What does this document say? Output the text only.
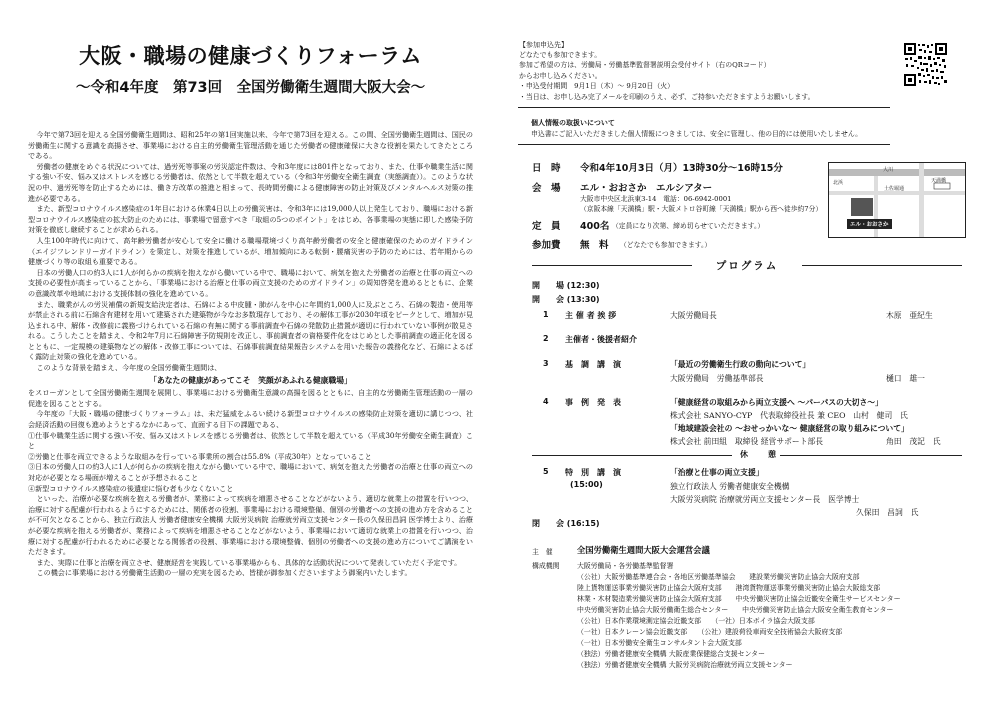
大阪・職場の健康づくりフォーラム
〜令和4年度　第73回　全国労働衛生週間大阪大会〜

今年で第73回を迎える全国労働衛生週間は、昭和25年の第1回実施以来、今年で第73回を迎える。この間、全国労働衛生週間は、国民の労働衛生に関する意識を高揚させ、事業場における自主的労働衛生管理活動を通じた労働者の健康確保に大きな役割を果たしてきたところである。

労働者の健康をめぐる状況については、過労死等事案の労災認定件数は、令和3年度には801件となっており、また、仕事や職業生活に関する強い不安、悩み又はストレスを感じる労働者は、依然として半数を超えている（令和3年労働安全衛生調査（実態調査））。このような状況の中、過労死等を防止するためには、働き方改革の推進と相まって、長時間労働による健康障害の防止対策及びメンタルヘルス対策の推進が必要である。

また、新型コロナウイルス感染症の1年目における休業4日以上の労働災害は、令和3年には19,000人以上発生しており、職場における新型コロナウイルス感染症の拡大防止のためには、事業場で留意すべき「取組の5つのポイント」をはじめ、各事業場の実態に即した感染予防対策を徹底し継続することが求められる。

人生100年時代に向けて、高年齢労働者が安心して安全に働ける職場環境づくり高年齢労働者の安全と健康確保のためのガイドライン（エイジフレンドリーガイドライン）を策定し、対策を推進しているが、増加傾向にある転倒・腰痛災害の予防のためには、若年期からの健康づくり等の取組も重要である。

日本の労働人口の約3人に1人が何らかの疾病を抱えながら働いている中で、職場において、病気を抱えた労働者の治療と仕事の両立への支援の必要性が高まっていることから、「事業場における治療と仕事の両立支援のためのガイドライン」の周知啓発を進めるとともに、企業の意識改革や地域における支援体制の強化を進めている。

また、職業がんの労災補償の新規支給決定者は、石綿による中皮腫・肺がんを中心に年間約1,000人に及ぶところ、石綿の製造・使用等が禁止される前に石綿含有建材を用いて建築された建築物が今なお多数現存しており、その解体工事が2030年頃をピークとして、増加が見込まれる中、解体・改修前に義務づけられている石綿の有無に関する事前調査や石綿の発散防止措置が適切に行われていない事例が散見される。こうしたことを踏まえ、令和2年7月に石綿障害予防規則を改正し、事前調査者の資格要件化をはじめとした事前調査の適正化を図るとともに、一定規模の建築物などの解体・改修工事については、石綿事前調査結果報告システムを用いた報告の義務化など、石綿によるばく露防止対策の強化を進めている。

このような背景を踏まえ、今年度の全国労働衛生週間は、

「あなたの健康があってこそ　笑顔があふれる健康職場」

をスローガンとして全国労働衛生週間を展開し、事業場における労働衛生意識の高揚を図るとともに、自主的な労働衛生管理活動の一層の促進を図ることとする。

今年度の「大阪・職場の健康づくりフォーラム」は、未だ猛威をふるい続ける新型コロナウイルスの感染防止対策を適切に講じつつ、社会経済活動の回復も進めようとするなかにあって、直面する目下の課題である、

①仕事や職業生活に関する強い不安、悩み又はストレスを感じる労働者は、依然として半数を超えている（平成30年労働安全衛生調査）こと

②労働と仕事を両立できるような取組みを行っている事業所の割合は55.8%（平成30年）となっていること

③日本の労働人口の約3人に1人が何らかの疾病を抱えながら働いている中で、職場において、病気を抱えた労働者の治療と仕事の両立への対応が必要となる場面が増えることが予想されること

④新型コロナウイルス感染症の後遺症に悩む者も少なくないこと

といった、治療が必要な疾病を抱える労働者が、業務によって疾病を増悪させることなどがないよう、適切な就業上の措置を行いつつ、治療に対する配慮が行われるようにするためには、関係者の役割、事業場における環境整備、個別の労働者への支援の進め方を含めることが不可欠となることから、独立行政法人 労働者健康安全機構 大阪労災病院 治療就労両立支援センター長の久保田昌詞 医学博士より、治療が必要な疾病を抱える労働者が、業務によって疾病を増悪させることなどがないよう、事業場において適切な就業上の措置を行いつつ、治療に対する配慮が行われるために必要となる関係者の役割、事業場における環境整備、個別の労働者への支援の進め方についてご講演をいただきます。

また、実際に仕事と治療を両立させ、健康経営を実践している事業場からも、具体的な活動状況について発表していただく予定です。

この機会に事業場における労働衛生活動の一層の充実を図るため、皆様が御参加くださいますよう御案内いたします。

【参加申込先】
どなたでも参加できます。
参加ご希望の方は、労働局・労働基準監督署説明会受付サイト（右のQRコード）
からお申し込みください。
・申込受付期間　9月1日（木）〜 9月20日（火）
・当日は、お申し込み完了メールを印刷のうえ、必ず、ご持参いただきますようお願いします。
個人情報の取扱いについて
申込書にご記入いただきました個人情報につきましては、安全に管理し、他の目的には使用いたしません。
日　時 令和4年10月3日（月）13時30分〜16時15分
会　場 エル・おおさか　エルシアター
大阪市中央区北浜東3-14　電話：06-6942-0001
（京阪本線「天満橋」駅・大阪メトロ谷町線「天満橋」駅から西へ徒歩約7分）
定　員 400名 （定員になり次第、締め切らせていただきます。）
参加費 無　料 （どなたでも参加できます。）
大川
天満橋
土佐堀通
北浜
エル・おおさか
プログラム
開　　場 (12:30)
開　　会 (13:30)
1 主 催 者 挨 拶	大阪労働局長	木原　亜紀生
2 主催者・後援者紹介
3 基　調　講　演	「最近の労働衛生行政の動向について」
大阪労働局　労働基準部長	樋口　雄一
4 事　例　発　表	「健康経営の取組みから両立支援へ 〜パーパスの大切さ〜」
株式会社 SANYO-CYP　代表取締役社長 兼 CEO　山村　健司　氏
「地域建設会社の 〜おせっかいな〜 健康経営の取り組みについて」
株式会社 前田組　取締役 経営サポート部長	角田　茂記　氏
休　憩
5 特　別　講　演
(15:00)
「治療と仕事の両立支援」
独立行政法人 労働者健康安全機構
大阪労災病院 治療就労両立支援センター長　医学博士
久保田　昌詞　氏
閉　　会 (16:15)
主　催	全国労働衛生週間大阪大会運営会議
構成機関	大阪労働局・各労働基準監督署
（公社）大阪労働基準連合会・各地区労働基準協会　　建設業労働災害防止協会大阪府支部
陸上貨物運送事業労働災害防止協会大阪府支部　　港湾貨物運送事業労働災害防止協会大阪総支部
林業・木材製造業労働災害防止協会大阪府支部　　中央労働災害防止協会近畿安全衛生サービスセンター
中央労働災害防止協会大阪労働衛生総合センター　　中央労働災害防止協会大阪安全衛生教育センター
（公社）日本作業環境測定協会近畿支部　　（一社）日本ボイラ協会大阪支部
（一社）日本クレーン協会近畿支部　　（公社）建設荷役車両安全技術協会大阪府支部
（一社）日本労働安全衛生コンサルタント会大阪支部
（独法）労働者健康安全機構 大阪産業保健総合支援センター
（独法）労働者健康安全機構 大阪労災病院治療就労両立支援センター
